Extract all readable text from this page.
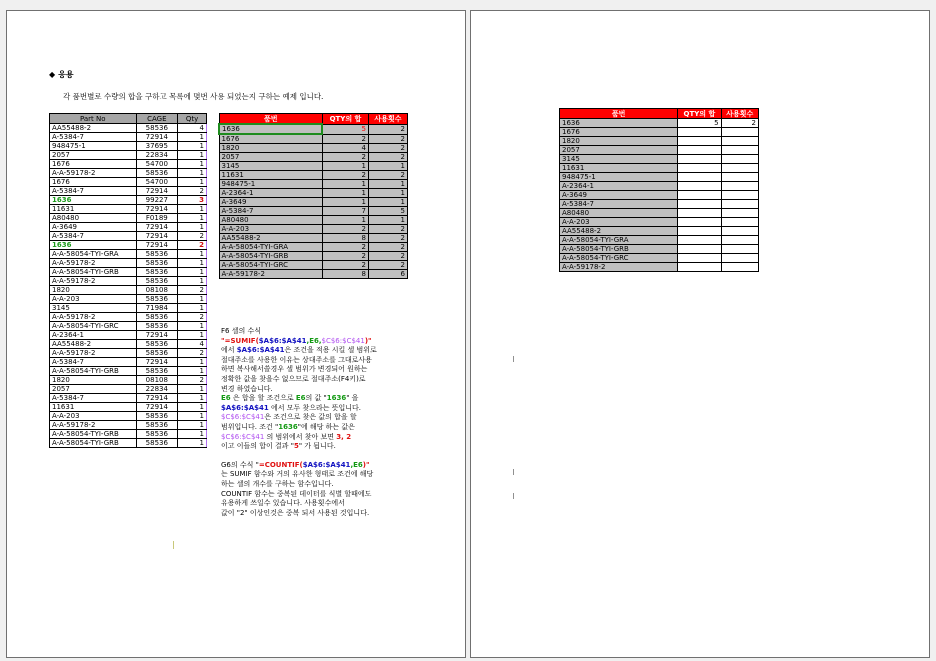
◆ 응용
각 품번별로 수량의 합을 구하고 목록에 몇번 사용 되었는지 구하는 예제 입니다.
Part No	CAGE	Qty
AA55488-2	58536	4
A-5384-7	72914	1
948475-1	37695	1
2057	22834	1
1676	54700	1
A-A-59178-2	58536	1
1676	54700	1
A-5384-7	72914	2
1636	99227	3
11631	72914	1
A80480	F0189	1
A-3649	72914	1
A-5384-7	72914	2
1636	72914	2
A-A-58054-TYI-GRA	58536	1
A-A-59178-2	58536	1
A-A-58054-TYI-GRB	58536	1
A-A-59178-2	58536	1
1820	08108	2
A-A-203	58536	1
3145	71984	1
A-A-59178-2	58536	2
A-A-58054-TYI-GRC	58536	1
A-2364-1	72914	1
AA55488-2	58536	4
A-A-59178-2	58536	2
A-5384-7	72914	1
A-A-58054-TYI-GRB	58536	1
1820	08108	2
2057	22834	1
A-5384-7	72914	1
11631	72914	1
A-A-203	58536	1
A-A-59178-2	58536	1
A-A-58054-TYI-GRB	58536	1
A-A-58054-TYI-GRB	58536	1
품번	QTY의 합	사용횟수
1636	5	2
1676	2	2
1820	4	2
2057	2	2
3145	1	1
11631	2	2
948475-1	1	1
A-2364-1	1	1
A-3649	1	1
A-5384-7	7	5
A80480	1	1
A-A-203	2	2
AA55488-2	8	2
A-A-58054-TYI-GRA	2	2
A-A-58054-TYI-GRB	2	2
A-A-58054-TYI-GRC	2	2
A-A-59178-2	8	6

F6 셀의 수식

"=SUMIF($A$6:$A$41,E6,$C$6:$C$41)"

에서 $A$6:$A$41은 조건을 적용 시킬 셀 범위로

절대주소를 사용한 이유는 상대주소를 그대로사용

하면 복사해서쓸경우 셀 범위가 변경되어 원하는

정확한 값을 찾을수 없으므로 절대주소(F4키)로

변경 하였습니다.

E6 은 합을 할 조건으로 E6의 값 "1636" 을

$A$6:$A$41 에서 모두 찾으라는 뜻입니다.

$C$6:$C$41은 조건으로 찾은 값의 합을 할

범위입니다. 조건 "1636"에 해당 하는 값은

$C$6:$C$41 의 범위에서 찾아 보면 3, 2

이고 이들의 합이 결과 "5" 가 됩니다.

G6의 수식 "=COUNTIF($A$6:$A$41,E6)"

는 SUMIF 함수와 거의 유사한 형태로 조건에 해당

하는 셀의 개수를 구하는 함수입니다.

COUNTIF 함수는 중복된 데이터를 식별 할때에도

유용하게 쓰일수 있습니다. 사용횟수에서

값이 "2" 이상인것은 중복 되서 사용된 것입니다.

품번	QTY의 합	사용횟수
1636	5	2
1676		
1820		
2057		
3145		
11631		
948475-1		
A-2364-1		
A-3649		
A-5384-7		
A80480		
A-A-203		
AA55488-2		
A-A-58054-TYI-GRA		
A-A-58054-TYI-GRB		
A-A-58054-TYI-GRC		
A-A-59178-2		
